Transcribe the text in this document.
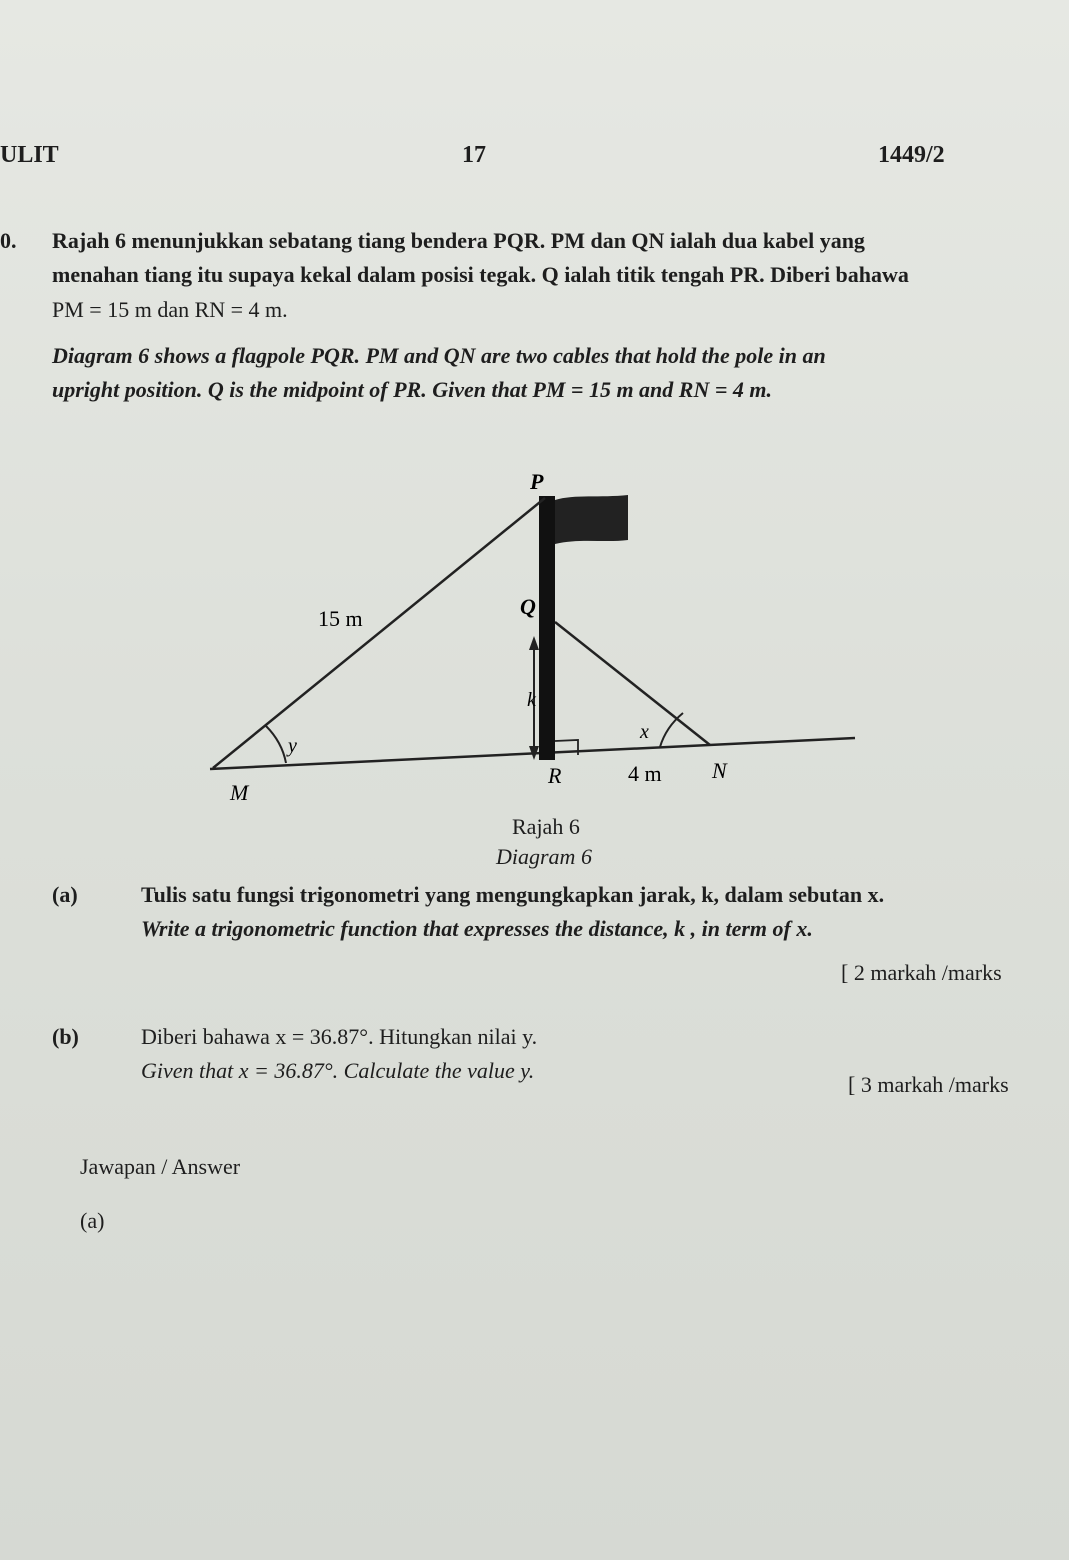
ULIT	17	1449/2
0. Rajah 6 menunjukkan sebatang tiang bendera PQR. PM dan QN ialah dua kabel yang
menahan tiang itu supaya kekal dalam posisi tegak. Q ialah titik tengah PR. Diberi bahawa
PM = 15 m dan RN = 4 m.
Diagram 6 shows a flagpole PQR. PM and QN are two cables that hold the pole in an
upright position. Q is the midpoint of PR. Given that PM = 15 m and RN = 4 m.
P
Q
R
M
N
k
x
y
15 m
4 m
Rajah 6
Diagram 6
(a)	Tulis satu fungsi trigonometri yang mengungkapkan jarak, k, dalam sebutan x.
Write a trigonometric function that expresses the distance, k , in term of x.
[ 2 markah /marks
(b)	Diberi bahawa x = 36.87°. Hitungkan nilai y.
Given that x = 36.87°. Calculate the value y.
[ 3 markah /marks
Jawapan / Answer
(a)
